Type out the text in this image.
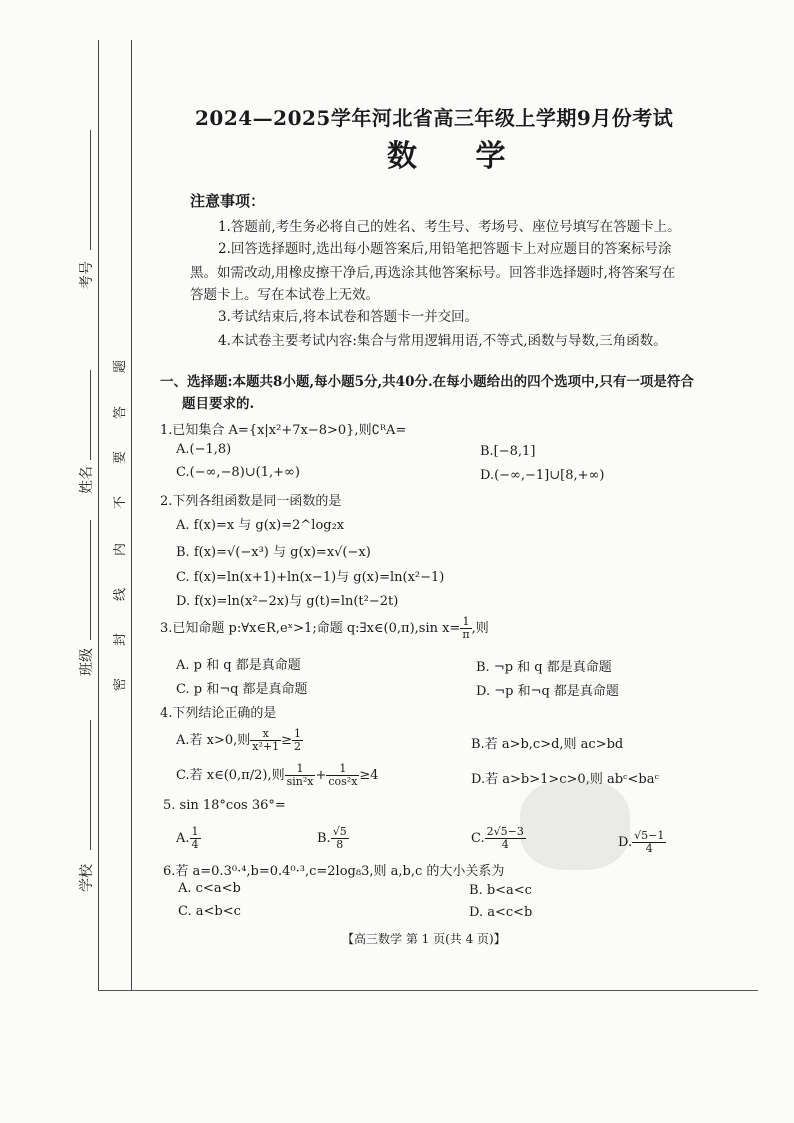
考号
姓名
班级
学校
题
答
要
不
内
线
封
密
2024—2025学年河北省高三年级上学期9月份考试
数 学
注意事项：
1.答题前,考生务必将自己的姓名、考生号、考场号、座位号填写在答题卡上。
2.回答选择题时,选出每小题答案后,用铅笔把答题卡上对应题目的答案标号涂
黑。如需改动,用橡皮擦干净后,再选涂其他答案标号。回答非选择题时,将答案写在
答题卡上。写在本试卷上无效。
3.考试结束后,将本试卷和答题卡一并交回。
4.本试卷主要考试内容:集合与常用逻辑用语,不等式,函数与导数,三角函数。
一、选择题:本题共8小题,每小题5分,共40分.在每小题给出的四个选项中,只有一项是符合
题目要求的.
1.已知集合 A={x|x²+7x−8>0},则∁ᴿA=
A.(−1,8)	B.[−8,1]
C.(−∞,−8)∪(1,+∞)	D.(−∞,−1]∪[8,+∞)
2.下列各组函数是同一函数的是
A. f(x)=x 与 g(x)=2^log₂x
B. f(x)=√(−x³) 与 g(x)=x√(−x)
C. f(x)=ln(x+1)+ln(x−1)与 g(x)=ln(x²−1)
D. f(x)=ln(x²−2x)与 g(t)=ln(t²−2t)
3.已知命题 p:∀x∈R,eˣ>1;命题 q:∃x∈(0,π),sin $x= \frac{1}{\pi}$ ,则
A. p 和 q 都是真命题	B. ¬p 和 q 都是真命题
C. p 和¬q 都是真命题	D. ¬p 和¬q 都是真命题
4.下列结论正确的是
A.若 x>0,则 $\frac{x}{\text{x²+1}} \ge \frac{1}{2}$	B.若 a>b,c>d,则 ac>bd
C.若 x∈(0,π/2),则 $\frac{1}{\text{sin²x}} + \frac{1}{\text{cos²x}} \ge 4$	D.若 a>b>1>c>0,则 abᶜ<baᶜ
5. sin 18°cos 36°=
A. $\frac{1}{4}$	B. $\frac{√5}{8}$	C. $\frac{2√5-3}{4}$	D. $\frac{√5-1}{4}$
6.若 a=0.3⁰·⁴,b=0.4⁰·³,c=2log₈3,则 a,b,c 的大小关系为
A. c<a<b	B. b<a<c
C. a<b<c	D. a<c<b
【高三数学 第 1 页(共 4 页)】
